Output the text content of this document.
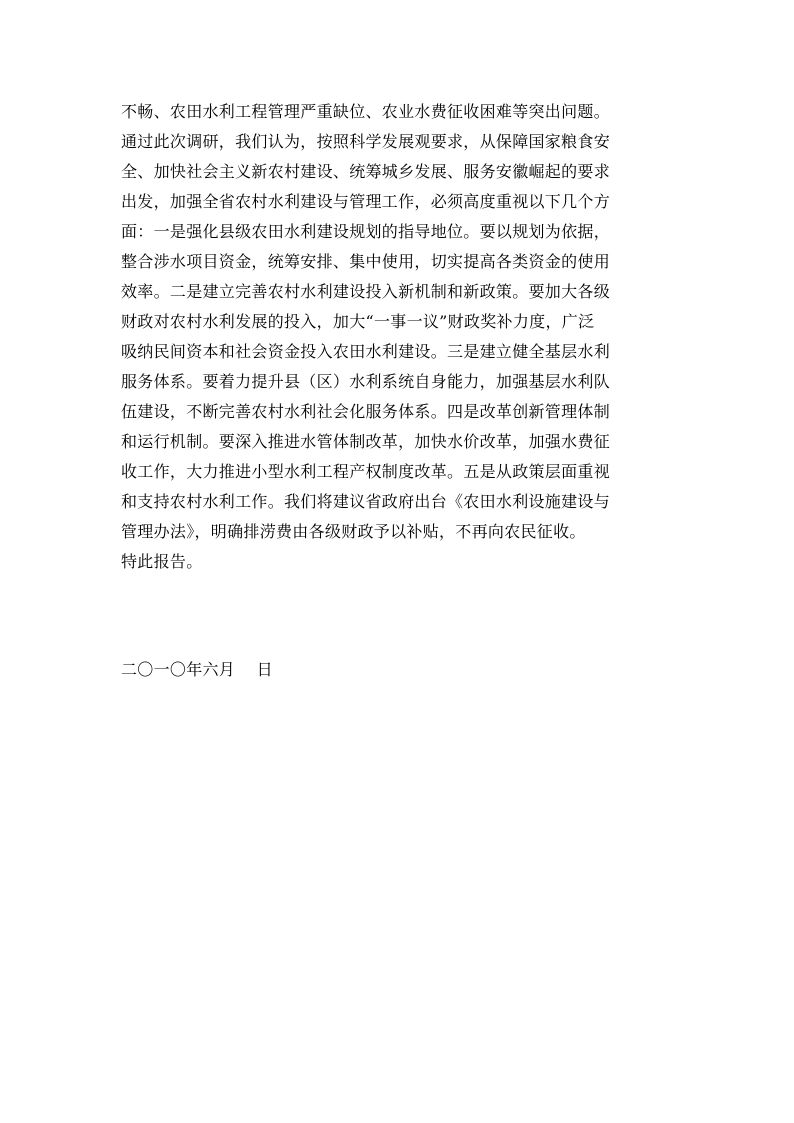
不畅、农田水利工程管理严重缺位、农业水费征收困难等突出问题。
通过此次调研，我们认为，按照科学发展观要求，从保障国家粮食安
全、加快社会主义新农村建设、统筹城乡发展、服务安徽崛起的要求
出发，加强全省农村水利建设与管理工作，必须高度重视以下几个方
面：一是强化县级农田水利建设规划的指导地位。要以规划为依据，
整合涉水项目资金，统筹安排、集中使用，切实提高各类资金的使用
效率。二是建立完善农村水利建设投入新机制和新政策。要加大各级
财政对农村水利发展的投入，加大“一事一议”财政奖补力度，广泛
吸纳民间资本和社会资金投入农田水利建设。三是建立健全基层水利
服务体系。要着力提升县（区）水利系统自身能力，加强基层水利队
伍建设，不断完善农村水利社会化服务体系。四是改革创新管理体制
和运行机制。要深入推进水管体制改革，加快水价改革，加强水费征
收工作，大力推进小型水利工程产权制度改革。五是从政策层面重视
和支持农村水利工作。我们将建议省政府出台《农田水利设施建设与
管理办法》，明确排涝费由各级财政予以补贴，不再向农民征收。
特此报告。
二〇一〇年六月    日
